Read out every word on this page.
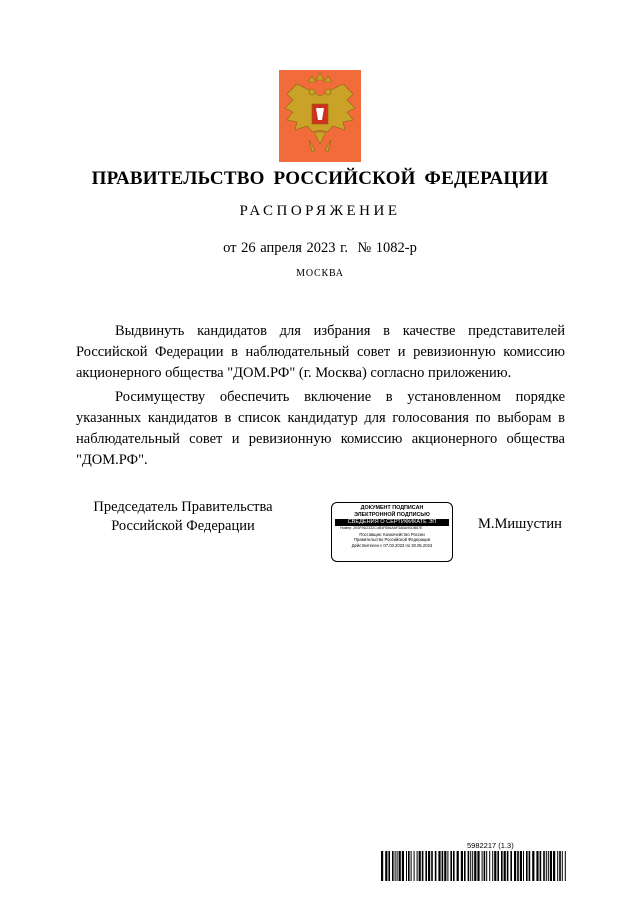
ПРАВИТЕЛЬСТВО РОССИЙСКОЙ ФЕДЕРАЦИИ
РАСПОРЯЖЕНИЕ
от 26 апреля 2023 г. № 1082-р
МОСКВА

Выдвинуть кандидатов для избрания в качестве представителей Российской Федерации в наблюдательный совет и ревизионную комиссию акционерного общества "ДОМ.РФ" (г. Москва) согласно приложению.

Росимуществу обеспечить включение в установленном порядке указанных кандидатов в список кандидатур для голосования по выборам в наблюдательный совет и ревизионную комиссию акционерного общества "ДОМ.РФ".

Председатель Правительства
Российской Федерации
ДОКУМЕНТ ПОДПИСАН
ЭЛЕКТРОННОЙ ПОДПИСЬЮ
СВЕДЕНИЯ О СЕРТИФИКАТЕ ЭП
Номер: 2E6F9D2332C4B4F856A6F3ABA90DB67E
Поставщик: Казначейство России
Правительство Российской Федерации
Действителен с 07.03.2023 по 30.05.2024
М.Мишустин
5982217 (1.3)
